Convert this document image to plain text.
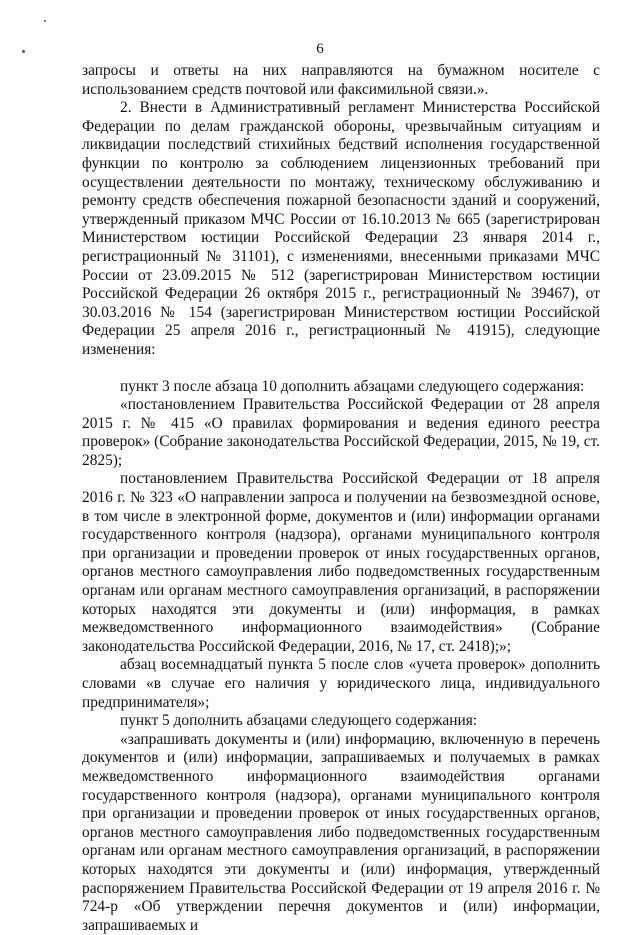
6

запросы и ответы на них направляются на бумажном носителе с использованием средств почтовой или факсимильной связи.».

2. Внести в Административный регламент Министерства Российской Федерации по делам гражданской обороны, чрезвычайным ситуациям и ликвидации последствий стихийных бедствий исполнения государственной функции по контролю за соблюдением лицензионных требований при осуществлении деятельности по монтажу, техническому обслуживанию и ремонту средств обеспечения пожарной безопасности зданий и сооружений, утвержденный приказом МЧС России от 16.10.2013 № 665 (зарегистрирован Министерством юстиции Российской Федерации 23 января 2014 г., регистрационный № 31101), с изменениями, внесенными приказами МЧС России от 23.09.2015 № 512 (зарегистрирован Министерством юстиции Российской Федерации 26 октября 2015 г., регистрационный № 39467), от 30.03.2016 № 154 (зарегистрирован Министерством юстиции Российской Федерации 25 апреля 2016 г., регистрационный № 41915), следующие изменения:

пункт 3 после абзаца 10 дополнить абзацами следующего содержания:

«постановлением Правительства Российской Федерации от 28 апреля 2015 г. № 415 «О правилах формирования и ведения единого реестра проверок» (Собрание законодательства Российской Федерации, 2015, № 19, ст. 2825);

постановлением Правительства Российской Федерации от 18 апреля 2016 г. № 323 «О направлении запроса и получении на безвозмездной основе, в том числе в электронной форме, документов и (или) информации органами государственного контроля (надзора), органами муниципального контроля при организации и проведении проверок от иных государственных органов, органов местного самоуправления либо подведомственных государственным органам или органам местного самоуправления организаций, в распоряжении которых находятся эти документы и (или) информация, в рамках межведомственного информационного взаимодействия» (Собрание законодательства Российской Федерации, 2016, № 17, ст. 2418);»;

абзац восемнадцатый пункта 5 после слов «учета проверок» дополнить словами «в случае его наличия у юридического лица, индивидуального предпринимателя»;

пункт 5 дополнить абзацами следующего содержания:

«запрашивать документы и (или) информацию, включенную в перечень документов и (или) информации, запрашиваемых и получаемых в рамках межведомственного информационного взаимодействия органами государственного контроля (надзора), органами муниципального контроля при организации и проведении проверок от иных государственных органов, органов местного самоуправления либо подведомственных государственным органам или органам местного самоуправления организаций, в распоряжении которых находятся эти документы и (или) информация, утвержденный распоряжением Правительства Российской Федерации от 19 апреля 2016 г. № 724-р «Об утверждении перечня документов и (или) информации, запрашиваемых и
